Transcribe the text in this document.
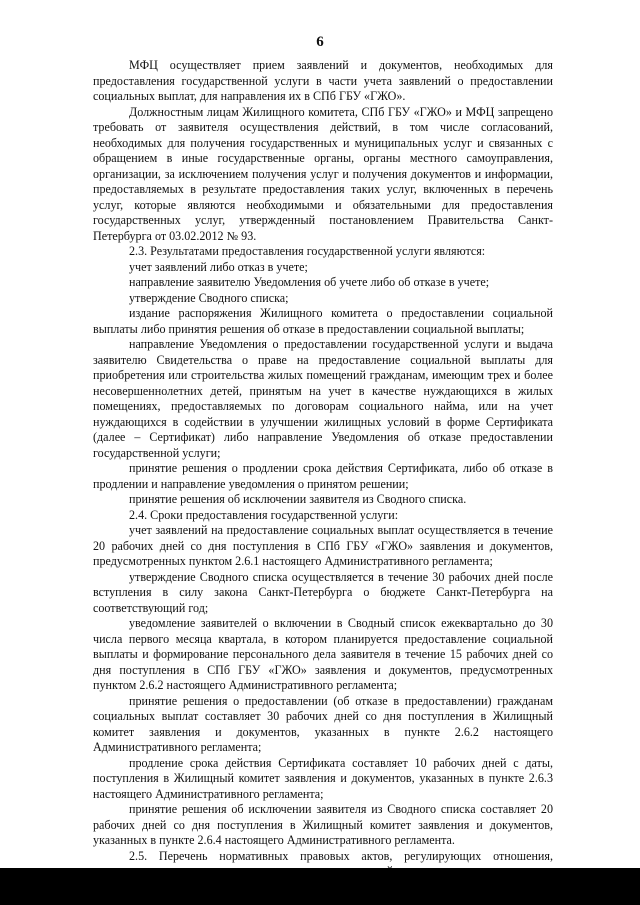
6

МФЦ осуществляет прием заявлений и документов, необходимых для предоставления государственной услуги в части учета заявлений о предоставлении социальных выплат, для направления их в СПб ГБУ «ГЖО».

Должностным лицам Жилищного комитета, СПб ГБУ «ГЖО» и МФЦ запрещено требовать от заявителя осуществления действий, в том числе согласований, необходимых для получения государственных и муниципальных услуг и связанных с обращением в иные государственные органы, органы местного самоуправления, организации, за исключением получения услуг и получения документов и информации, предоставляемых в результате предоставления таких услуг, включенных в перечень услуг, которые являются необходимыми и обязательными для предоставления государственных услуг, утвержденный постановлением Правительства Санкт-Петербурга от 03.02.2012 № 93.

2.3. Результатами предоставления государственной услуги являются:

учет заявлений либо отказ в учете;

направление заявителю Уведомления об учете либо об отказе в учете;

утверждение Сводного списка;

издание распоряжения Жилищного комитета о предоставлении социальной выплаты либо принятия решения об отказе в предоставлении социальной выплаты;

направление Уведомления о предоставлении государственной услуги и выдача заявителю Свидетельства о праве на предоставление социальной выплаты для приобретения или строительства жилых помещений гражданам, имеющим трех и более несовершеннолетних детей, принятым на учет в качестве нуждающихся в жилых помещениях, предоставляемых по договорам социального найма, или на учет нуждающихся в содействии в улучшении жилищных условий в форме Сертификата (далее – Сертификат) либо направление Уведомления об отказе предоставлении государственной услуги;

принятие решения о продлении срока действия Сертификата, либо об отказе в продлении и направление уведомления о принятом решении;

принятие решения об исключении заявителя из Сводного списка.

2.4. Сроки предоставления государственной услуги:

учет заявлений на предоставление социальных выплат осуществляется в течение 20 рабочих дней со дня поступления в СПб ГБУ «ГЖО» заявления и документов, предусмотренных пунктом 2.6.1 настоящего Административного регламента;

утверждение Сводного списка осуществляется в течение 30 рабочих дней после вступления в силу закона Санкт-Петербурга о бюджете Санкт-Петербурга на соответствующий год;

уведомление заявителей о включении в Сводный список ежеквартально до 30 числа первого месяца квартала, в котором планируется предоставление социальной выплаты и формирование персонального дела заявителя в течение 15 рабочих дней со дня поступления в СПб ГБУ «ГЖО» заявления и документов, предусмотренных пунктом 2.6.2 настоящего Административного регламента;

принятие решения о предоставлении (об отказе в предоставлении) гражданам социальных выплат составляет 30 рабочих дней со дня поступления в Жилищный комитет заявления и документов, указанных в пункте 2.6.2 настоящего Административного регламента;

продление срока действия Сертификата составляет 10 рабочих дней с даты, поступления в Жилищный комитет заявления и документов, указанных в пункте 2.6.3 настоящего Административного регламента;

принятие решения об исключении заявителя из Сводного списка составляет 20 рабочих дней со дня поступления в Жилищный комитет заявления и документов, указанных в пункте 2.6.4 настоящего Административного регламента.

2.5. Перечень нормативных правовых актов, регулирующих отношения,
